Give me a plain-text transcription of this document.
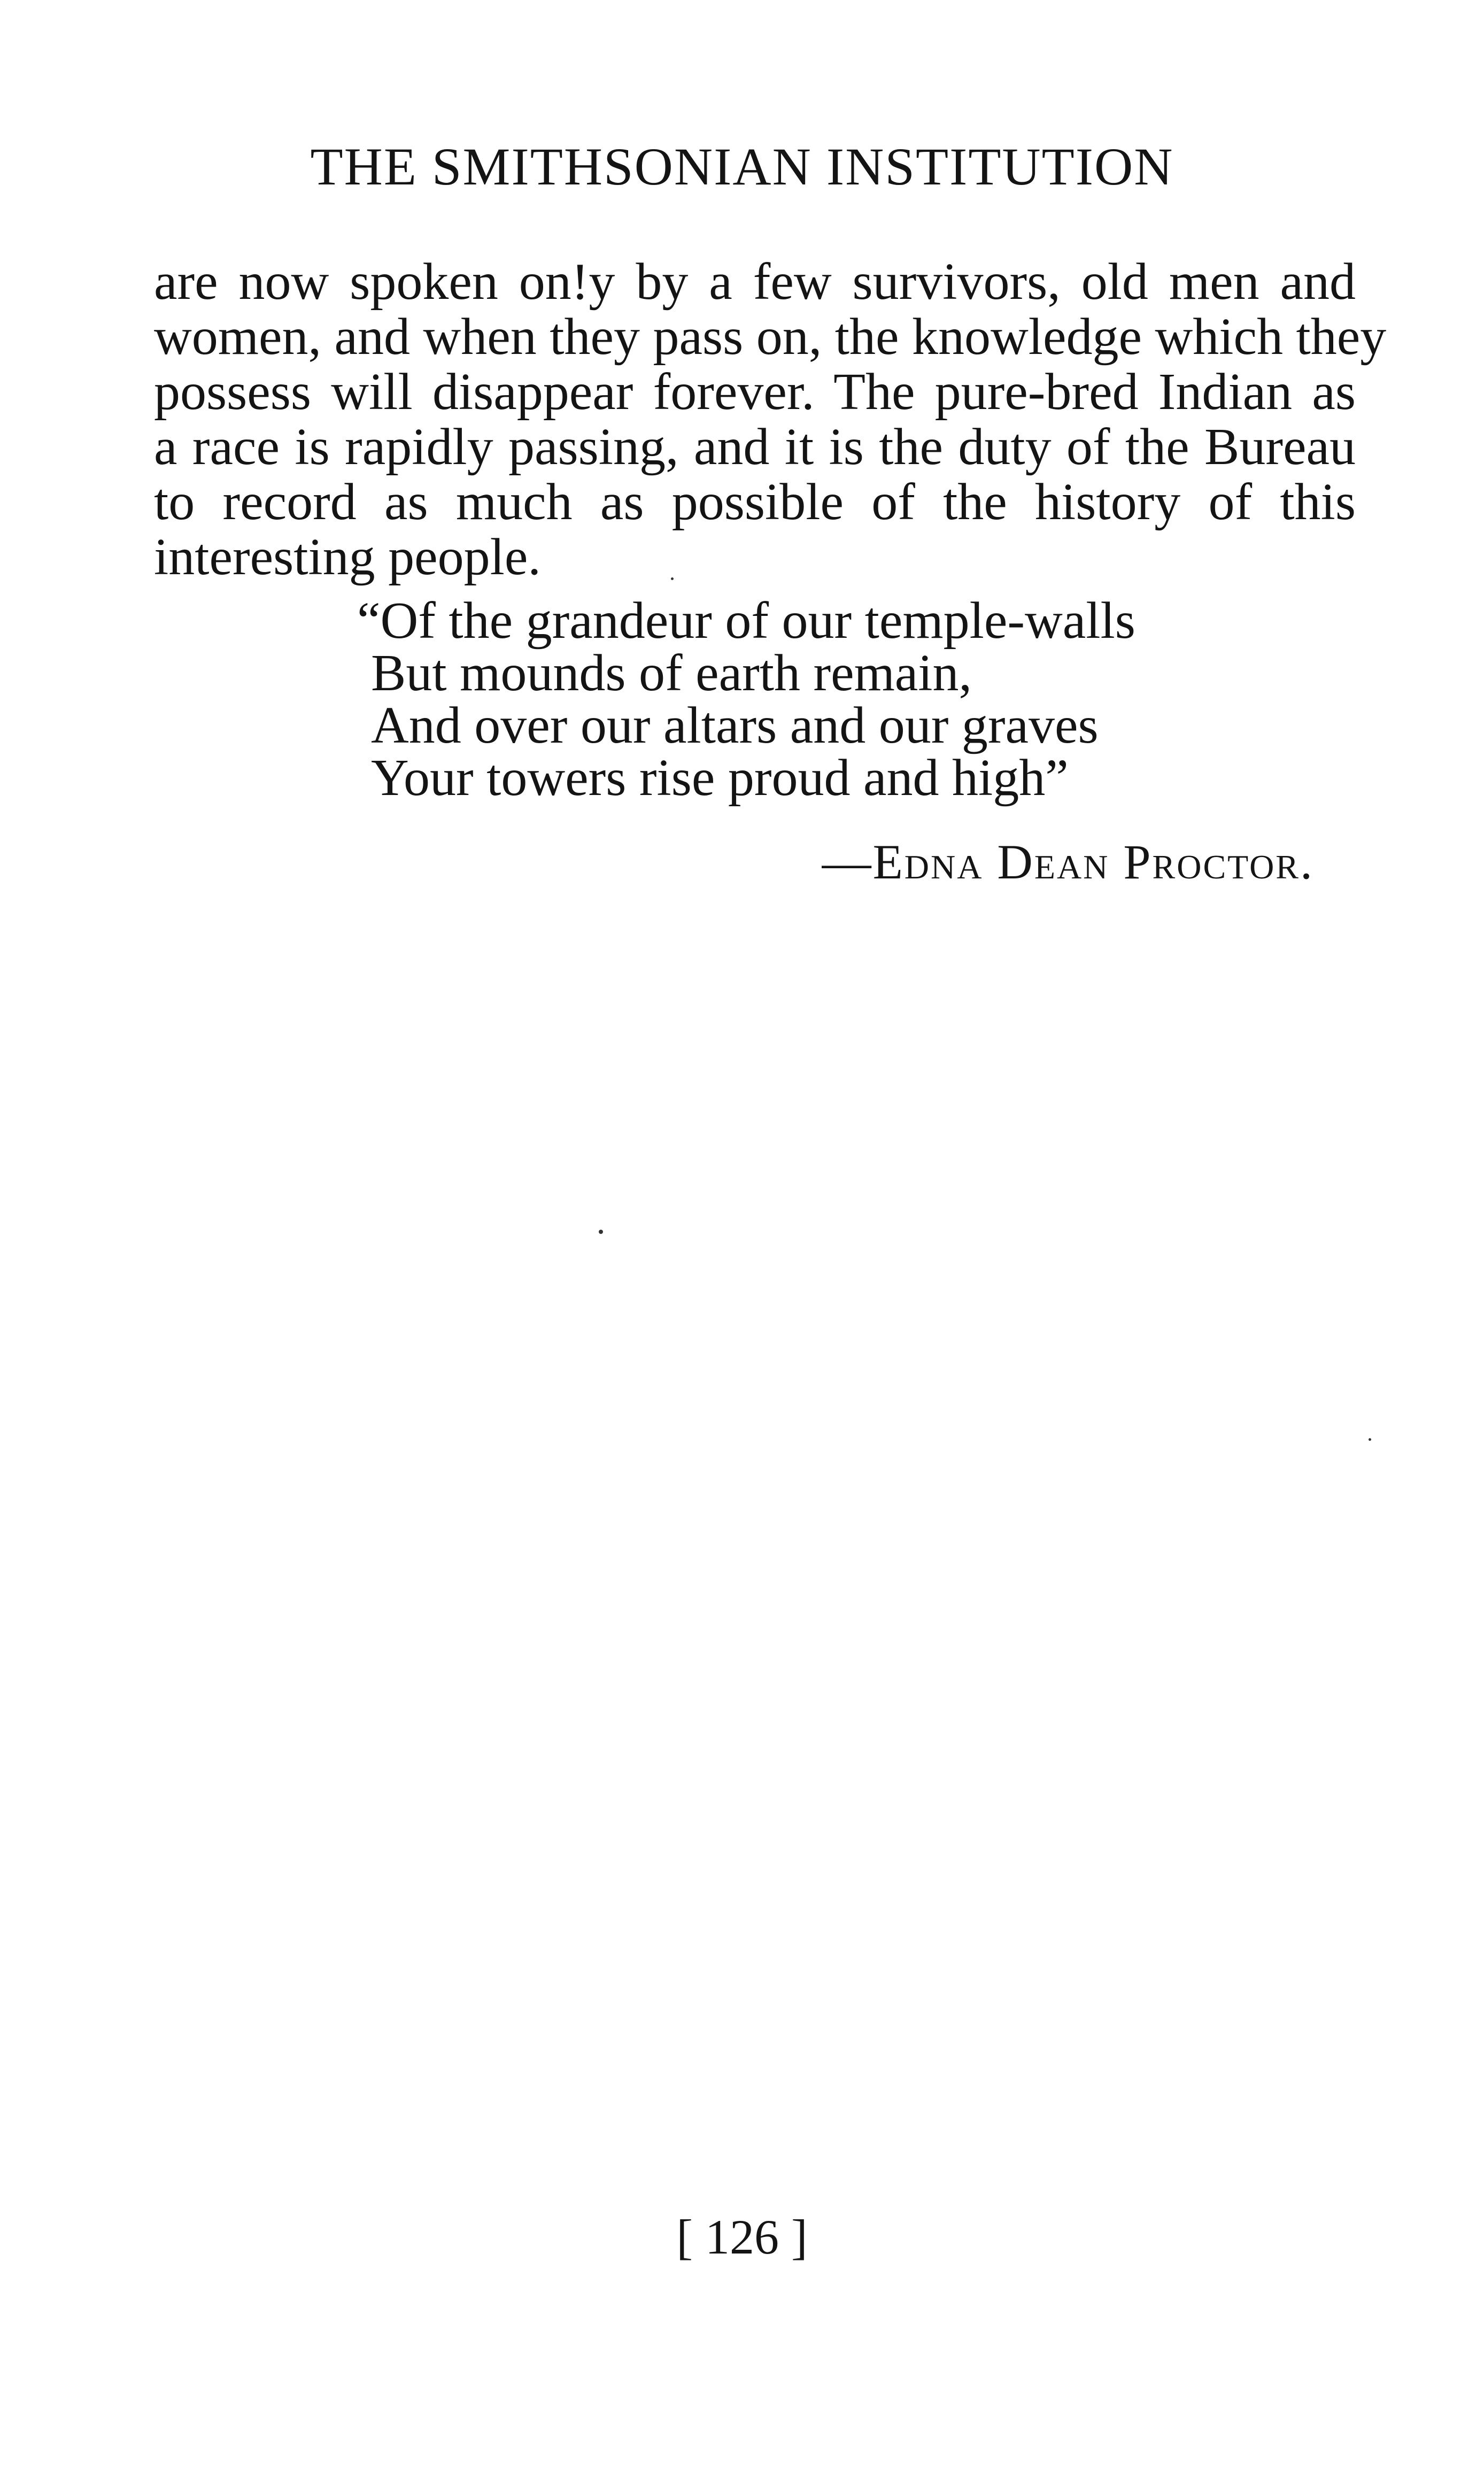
THE SMITHSONIAN INSTITUTION
are now spoken on!y by a few survivors, old men and
women, and when they pass on, the knowledge which they
possess will disappear forever. The pure-bred Indian as
a race is rapidly passing, and it is the duty of the Bureau
to record as much as possible of the history of this
interesting people.
“Of the grandeur of our temple-walls
But mounds of earth remain,
And over our altars and our graves
Your towers rise proud and high”
—Edna Dean Proctor.
[ 126 ]
